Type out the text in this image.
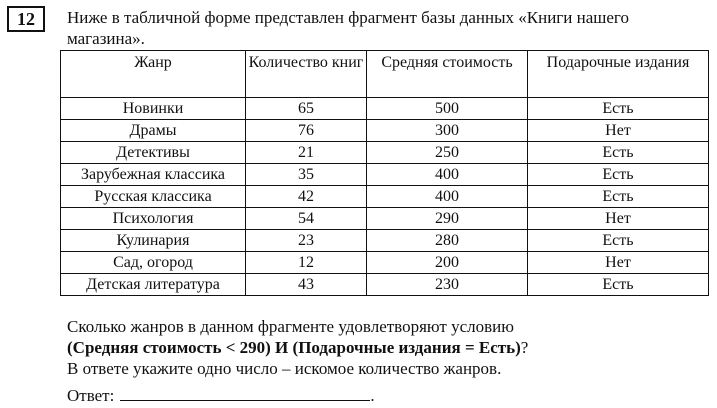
12	Ниже в табличной форме представлен фрагмент базы данных «Книги нашего магазина».
Жанр	Количество книг	Средняя стоимость	Подарочные издания
Новинки	65	500	Есть
Драмы	76	300	Нет
Детективы	21	250	Есть
Зарубежная классика	35	400	Есть
Русская классика	42	400	Есть
Психология	54	290	Нет
Кулинария	23	280	Есть
Сад, огород	12	200	Нет
Детская литература	43	230	Есть

Сколько жанров в данном фрагменте удовлетворяют условию

(Средняя стоимость < 290) И (Подарочные издания = Есть)?

В ответе укажите одно число – искомое количество жанров.

Ответ:	.
